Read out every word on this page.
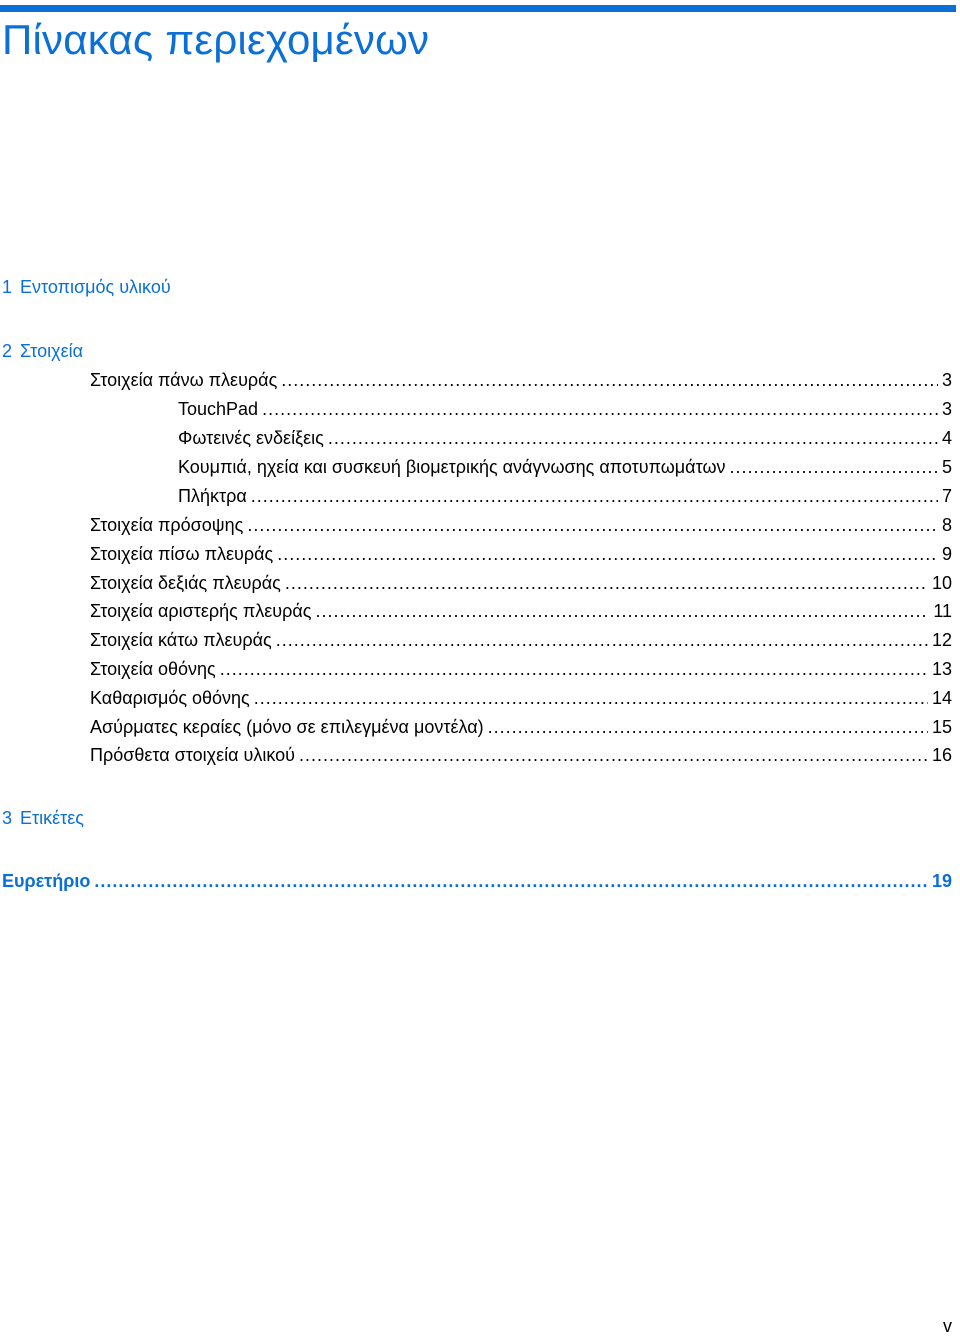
Πίνακας περιεχομένων
1 Εντοπισμός υλικού
2 Στοιχεία
Στοιχεία πάνω πλευράς .....	3
TouchPad .....	3
Φωτεινές ενδείξεις .....	4
Κουμπιά, ηχεία και συσκευή βιομετρικής ανάγνωσης αποτυπωμάτων .....	5
Πλήκτρα .....	7
Στοιχεία πρόσοψης .....	8
Στοιχεία πίσω πλευράς .....	9
Στοιχεία δεξιάς πλευράς .....	10
Στοιχεία αριστερής πλευράς .....	11
Στοιχεία κάτω πλευράς .....	12
Στοιχεία οθόνης .....	13
Καθαρισμός οθόνης .....	14
Ασύρματες κεραίες (μόνο σε επιλεγμένα μοντέλα) .....	15
Πρόσθετα στοιχεία υλικού .....	16
3 Ετικέτες
Ευρετήριο .....	19
v
